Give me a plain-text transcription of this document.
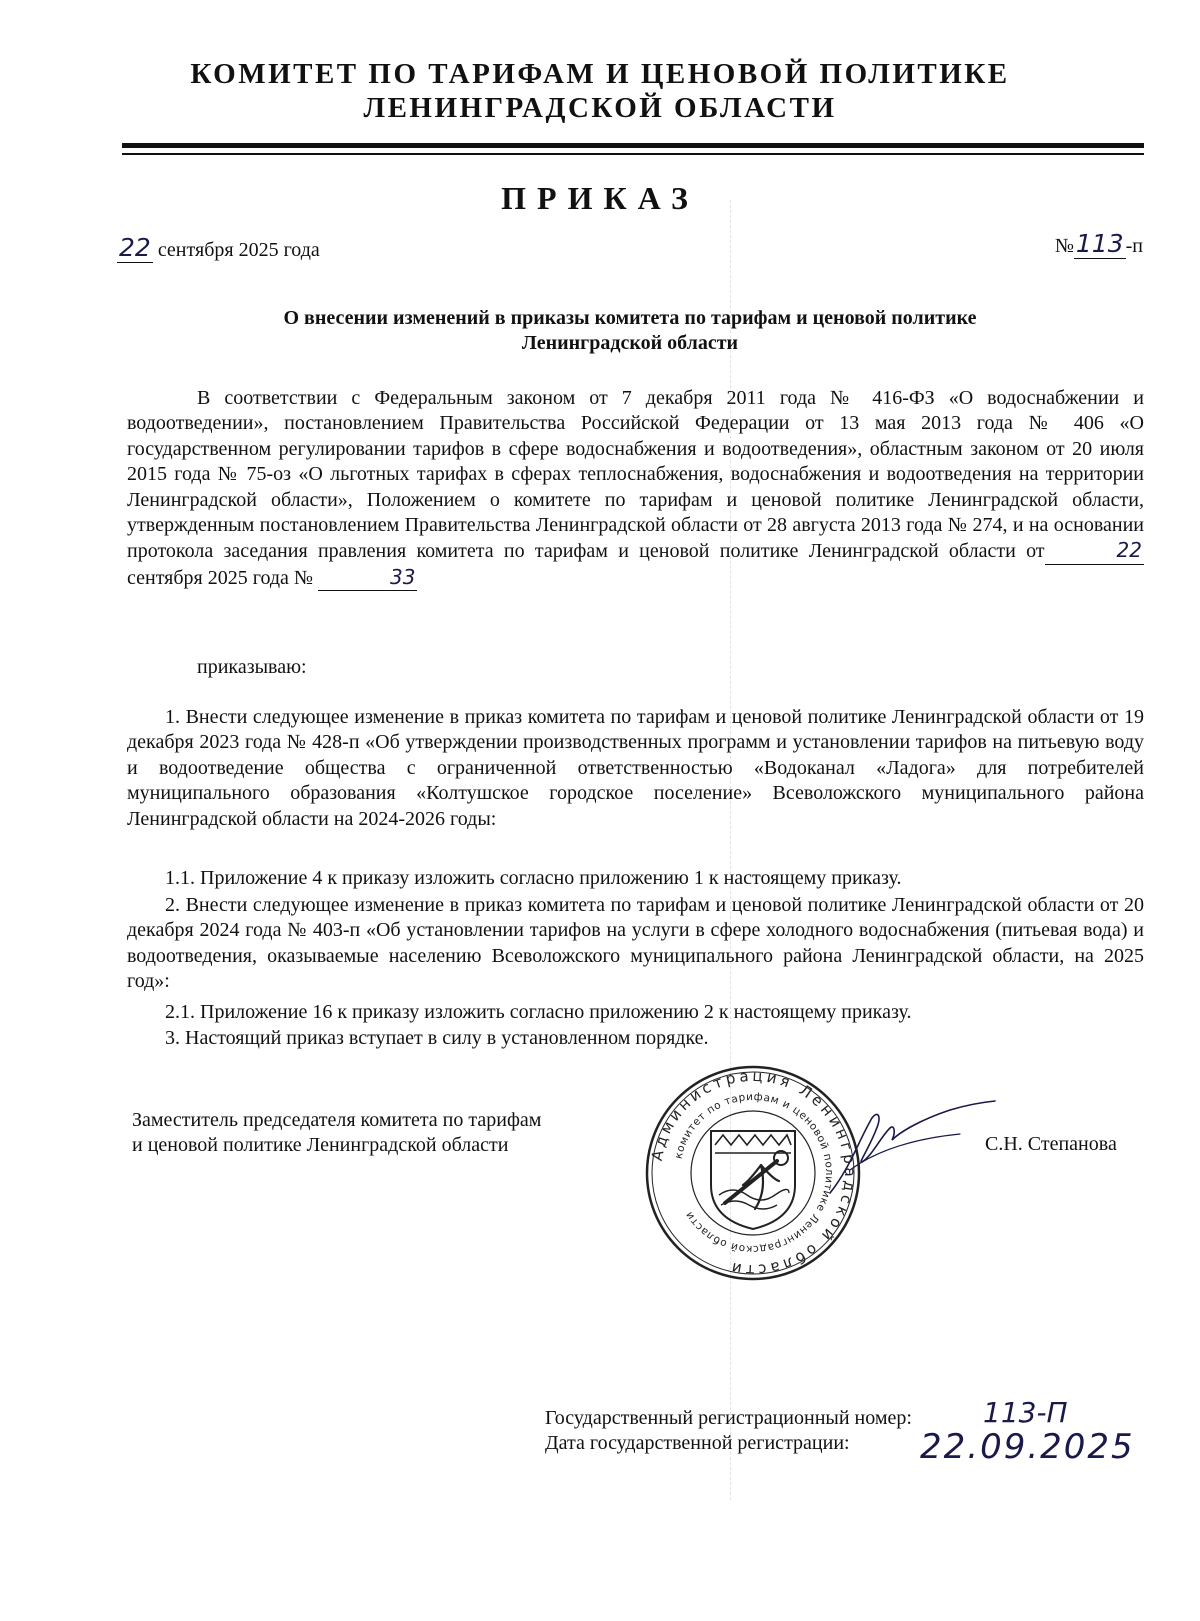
КОМИТЕТ ПО ТАРИФАМ И ЦЕНОВОЙ ПОЛИТИКЕ
ЛЕНИНГРАДСКОЙ ОБЛАСТИ
ПРИКАЗ
22 сентября 2025 года	№113 -п
О внесении изменений в приказы комитета по тарифам и ценовой политике
Ленинградской области
В соответствии с Федеральным законом от 7 декабря 2011 года № 416-ФЗ «О водоснабжении и водоотведении», постановлением Правительства Российской Федерации от 13 мая 2013 года № 406 «О государственном регулировании тарифов в сфере водоснабжения и водоотведения», областным законом от 20 июля 2015 года № 75-оз «О льготных тарифах в сферах теплоснабжения, водоснабжения и водоотведения на территории Ленинградской области», Положением о комитете по тарифам и ценовой политике Ленинградской области, утвержденным постановлением Правительства Ленинградской области от 28 августа 2013 года № 274, и на основании протокола заседания правления комитета по тарифам и ценовой политике Ленинградской области от	22 сентября 2025 года №	33
приказываю:
1. Внести следующее изменение в приказ комитета по тарифам и ценовой политике Ленинградской области от 19 декабря 2023 года № 428-п «Об утверждении производственных программ и установлении тарифов на питьевую воду и водоотведение общества с ограниченной ответственностью «Водоканал «Ладога» для потребителей муниципального образования «Колтушское городское поселение» Всеволожского муниципального района Ленинградской области на 2024-2026 годы:
1.1. Приложение 4 к приказу изложить согласно приложению 1 к настоящему приказу.
2. Внести следующее изменение в приказ комитета по тарифам и ценовой политике Ленинградской области от 20 декабря 2024 года № 403-п «Об установлении тарифов на услуги в сфере холодного водоснабжения (питьевая вода) и водоотведения, оказываемые населению Всеволожского муниципального района Ленинградской области, на 2025 год»:
2.1. Приложение 16 к приказу изложить согласно приложению 2 к настоящему приказу.
3. Настоящий приказ вступает в силу в установленном порядке.
Заместитель председателя комитета по тарифам
и ценовой политике Ленинградской области	Администрация Ленинградской области
комитет по тарифам и ценовой политике Ленинградской области
С.Н. Степанова
Государственный регистрационный номер:	113-П
Дата государственной регистрации: 22.09.2025
